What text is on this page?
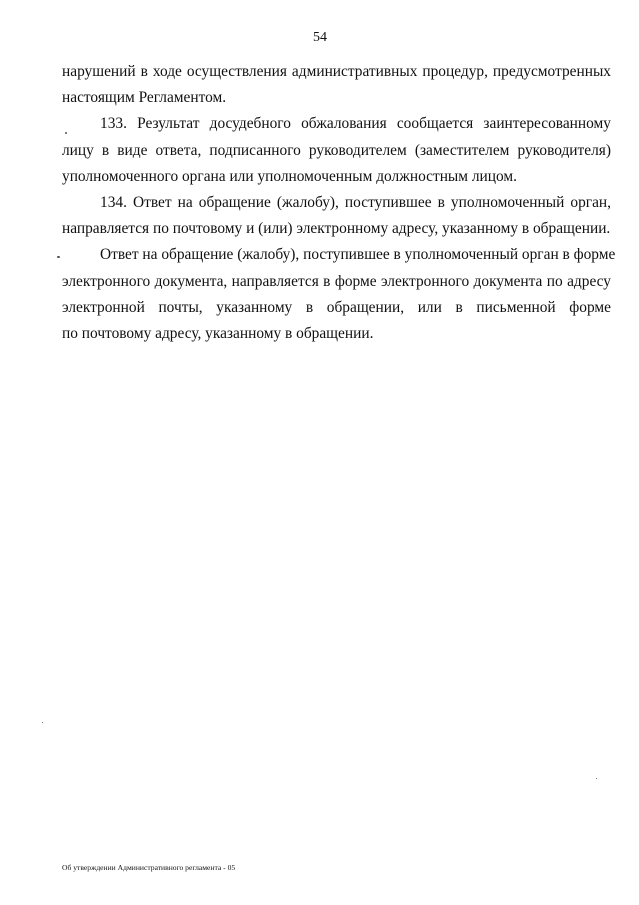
54
нарушений в ходе осуществления административных процедур, предусмотренных
настоящим Регламентом.
133. Результат досудебного обжалования сообщается заинтересованному
лицу в виде ответа, подписанного руководителем (заместителем руководителя)
уполномоченного органа или уполномоченным должностным лицом.
134. Ответ на обращение (жалобу), поступившее в уполномоченный орган,
направляется по почтовому и (или) электронному адресу, указанному в обращении.
Ответ на обращение (жалобу), поступившее в уполномоченный орган в форме
электронного документа, направляется в форме электронного документа по адресу
электронной почты, указанному в обращении, или в письменной форме
по почтовому адресу, указанному в обращении.
Об утверждении Административного регламента - 05
